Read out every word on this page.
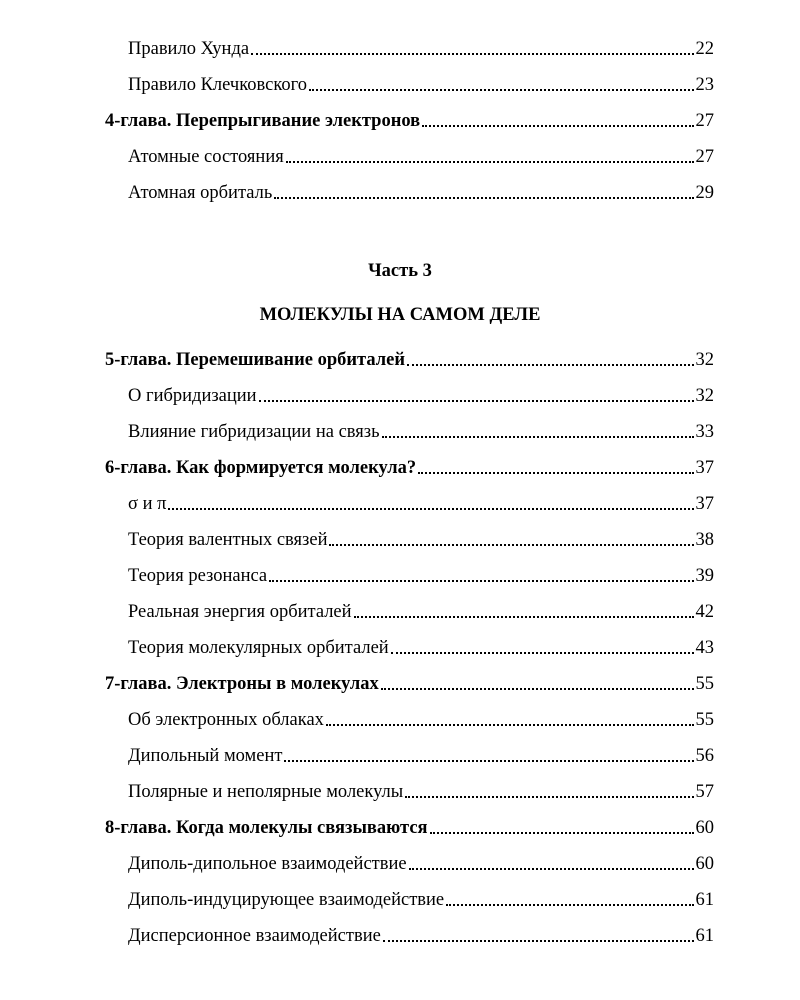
Правило Хунда	22
Правило Клечковского	23
4-глава. Перепрыгивание электронов	27
Атомные состояния	27
Атомная орбиталь	29
Часть 3
МОЛЕКУЛЫ НА САМОМ ДЕЛЕ
5-глава. Перемешивание орбиталей	32
О гибридизации	32
Влияние гибридизации на связь	33
6-глава. Как формируется молекула?	37
σ и π	37
Теория валентных связей	38
Теория резонанса	39
Реальная энергия орбиталей	42
Теория молекулярных орбиталей	43
7-глава. Электроны в молекулах	55
Об электронных облаках	55
Дипольный момент	56
Полярные и неполярные молекулы	57
8-глава. Когда молекулы связываются	60
Диполь-дипольное взаимодействие	60
Диполь-индуцирующее взаимодействие	61
Дисперсионное взаимодействие	61
